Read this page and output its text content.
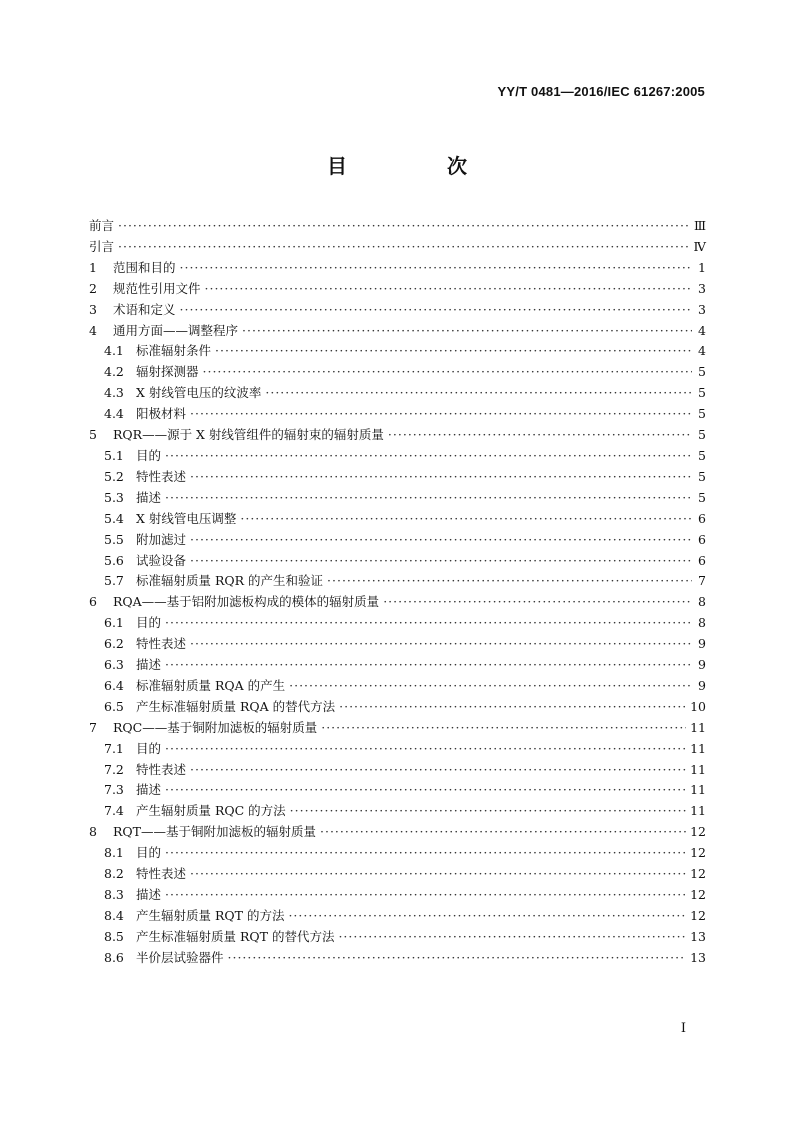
YY/T 0481—2016/IEC 61267:2005
目　次
前言 ·····	Ⅲ
引言 ·····	Ⅳ
1	范围和目的 ·····	1
2	规范性引用文件 ·····	3
3	术语和定义 ·····	3
4	通用方面——调整程序 ·····	4
4.1 标准辐射条件 ·····	4
4.2 辐射探测器 ·····	5
4.3 X 射线管电压的纹波率 ·····	5
4.4 阳极材料 ·····	5
5	RQR——源于 X 射线管组件的辐射束的辐射质量 ·····	5
5.1 目的 ·····	5
5.2 特性表述 ·····	5
5.3 描述 ·····	5
5.4 X 射线管电压调整 ·····	6
5.5 附加滤过 ·····	6
5.6 试验设备 ·····	6
5.7 标准辐射质量 RQR 的产生和验证 ·····	7
6	RQA——基于铝附加滤板构成的模体的辐射质量 ·····	8
6.1 目的 ·····	8
6.2 特性表述 ·····	9
6.3 描述 ·····	9
6.4 标准辐射质量 RQA 的产生 ·····	9
6.5 产生标准辐射质量 RQA 的替代方法 ·····	10
7	RQC——基于铜附加滤板的辐射质量 ·····	11
7.1 目的 ·····	11
7.2 特性表述 ·····	11
7.3 描述 ·····	11
7.4 产生辐射质量 RQC 的方法 ·····	11
8	RQT——基于铜附加滤板的辐射质量 ·····	12
8.1 目的 ·····	12
8.2 特性表述 ·····	12
8.3 描述 ·····	12
8.4 产生辐射质量 RQT 的方法 ·····	12
8.5 产生标准辐射质量 RQT 的替代方法 ·····	13
8.6 半价层试验器件 ·····	13
I
